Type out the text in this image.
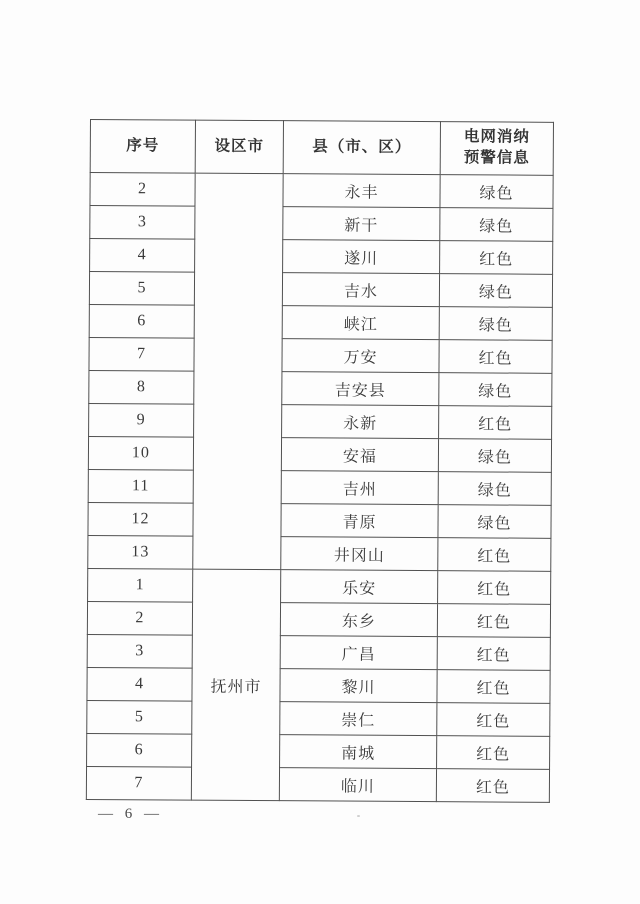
序号	设区市	县（市、区）	电网消纳
预警信息
2		永丰	绿色
3		新干	绿色
4		遂川	红色
5		吉水	绿色
6		峡江	绿色
7		万安	红色
8		吉安县	绿色
9		永新	红色
10		安福	绿色
11		吉州	绿色
12		青原	绿色
13		井冈山	红色
1	抚州市	乐安	红色
2		东乡	红色
3		广昌	红色
4		黎川	红色
5		崇仁	红色
6		南城	红色
7		临川	红色
— 6 —
